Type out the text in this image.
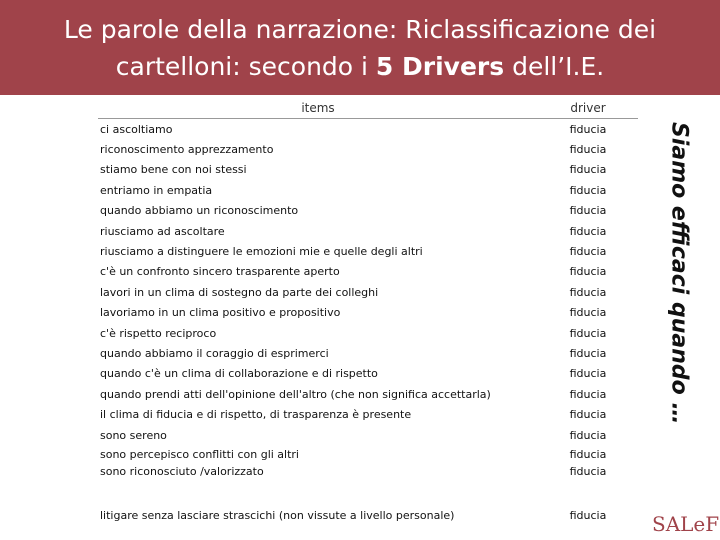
Le parole della narrazione: Riclassificazione dei cartelloni: secondo i 5 Drivers dell’I.E.
items	driver
ci ascoltiamo	fiducia
riconoscimento apprezzamento	fiducia
stiamo bene con noi stessi	fiducia
entriamo in empatia	fiducia
quando abbiamo un riconoscimento	fiducia
riusciamo ad ascoltare	fiducia
riusciamo a distinguere le emozioni mie e quelle degli altri	fiducia
c'è un confronto sincero trasparente aperto	fiducia
lavori in un clima di sostegno da parte dei colleghi	fiducia
lavoriamo in un clima positivo e propositivo	fiducia
c'è rispetto reciproco	fiducia
quando abbiamo il coraggio di esprimerci	fiducia
quando c'è un clima di collaborazione e di rispetto	fiducia
quando prendi atti dell'opinione dell'altro (che non significa accettarla)	fiducia
il clima di fiducia e di rispetto, di trasparenza è presente	fiducia
sono sereno	fiducia
sono percepisco conflitti con gli altri	fiducia
sono riconosciuto /valorizzato	fiducia
litigare senza lasciare strascichi (non vissute a livello personale)	fiducia
Siamo efficaci quando …
SALeF
